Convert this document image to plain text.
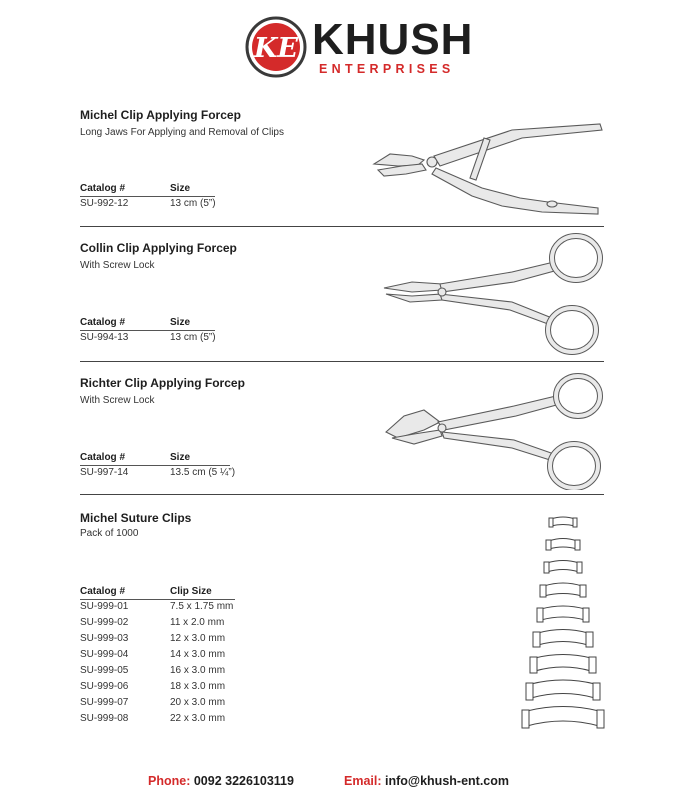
KE KHUSH
ENTERPRISES
Michel Clip Applying Forcep
Long Jaws For Applying and Removal of Clips
Catalog #	Size
SU-992-12	13 cm (5”)
Collin Clip Applying Forcep
With Screw Lock
Catalog #	Size
SU-994-13	13 cm (5”)
Richter Clip Applying Forcep
With Screw Lock
Catalog #	Size
SU-997-14	13.5 cm (5 ¼”)
Michel Suture Clips
Pack of 1000
Catalog #	Clip Size
SU-999-01	7.5 x 1.75 mm
SU-999-02	11 x 2.0 mm
SU-999-03	12 x 3.0 mm
SU-999-04	14 x 3.0 mm
SU-999-05	16 x 3.0 mm
SU-999-06	18 x 3.0 mm
SU-999-07	20 x 3.0 mm
SU-999-08	22 x 3.0 mm
Phone: 0092 3226103119	Email: info@khush-ent.com
